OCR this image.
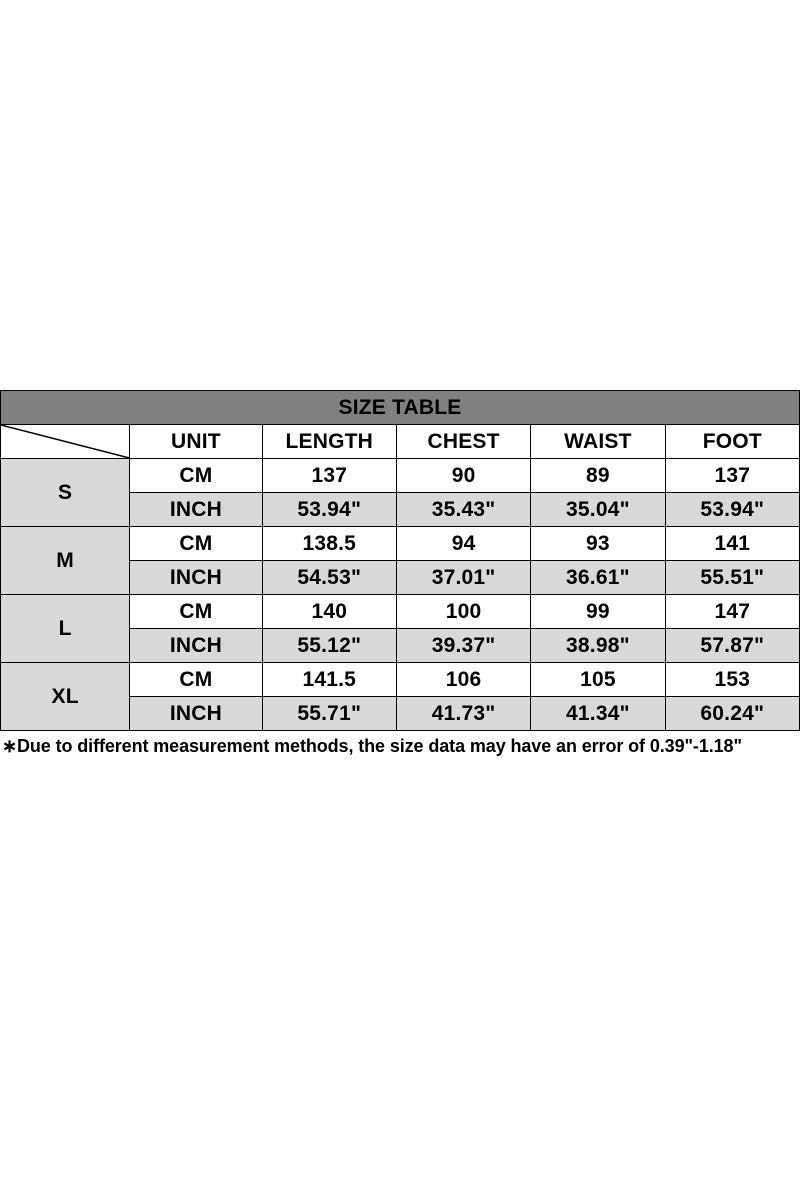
SIZE TABLE					

	UNIT	LENGTH	CHEST	WAIST	FOOT
S	CM	137	90	89	137
	INCH	53.94"	35.43"	35.04"	53.94"
M	CM	138.5	94	93	141
	INCH	54.53"	37.01"	36.61"	55.51"
L	CM	140	100	99	147
	INCH	55.12"	39.37"	38.98"	57.87"
XL	CM	141.5	106	105	153
	INCH	55.71"	41.73"	41.34"	60.24"
∗Due to different measurement methods, the size data may have an error of 0.39"-1.18"
